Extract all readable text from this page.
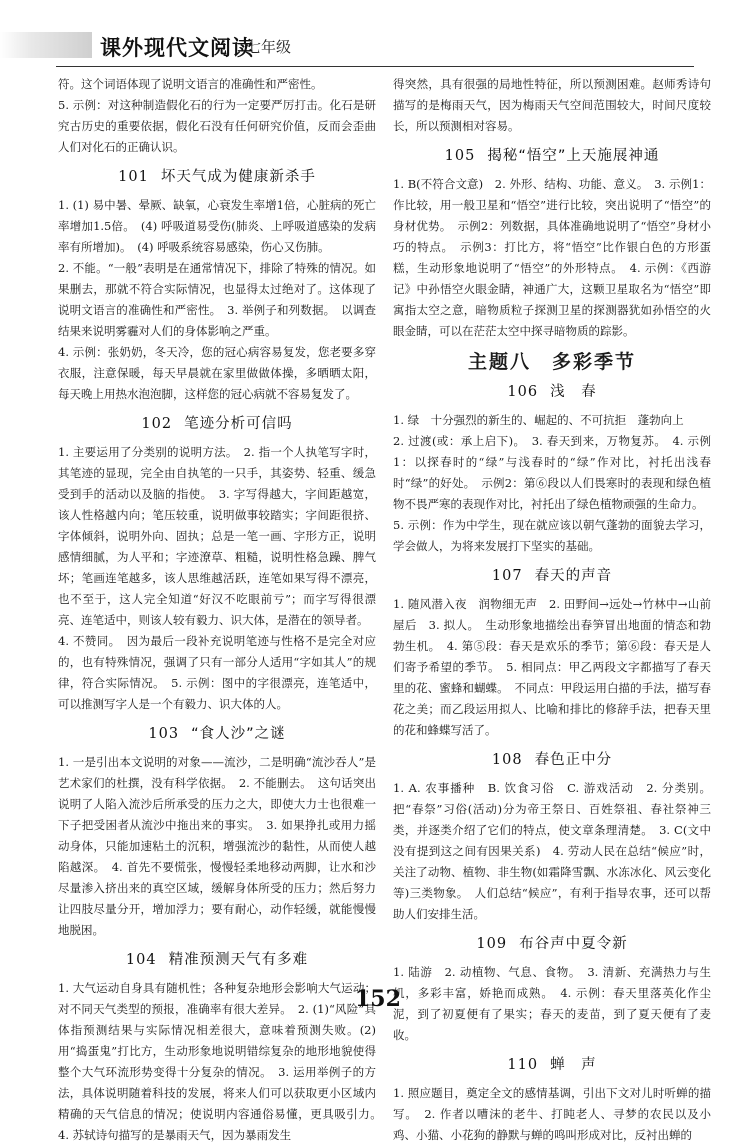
课外现代文阅读
七年级

符。这个词语体现了说明文语言的准确性和严密性。

5. 示例：对这种制造假化石的行为一定要严厉打击。化石是研究古历史的重要依据，假化石没有任何研究价值，反而会歪曲人们对化石的正确认识。

101 坏天气成为健康新杀手

1. (1) 易中暑、晕厥、缺氧，心衰发生率增1倍，心脏病的死亡率增加1.5倍。　(4) 呼吸道易受伤(肺炎、上呼吸道感染的发病率有所增加)。　(4) 呼吸系统容易感染，伤心又伤肺。

2. 不能。“一般”表明是在通常情况下，排除了特殊的情况。如果删去，那就不符合实际情况，也显得太过绝对了。这体现了说明文语言的准确性和严密性。　3. 举例子和列数据。　以调查结果来说明雾霾对人们的身体影响之严重。

4. 示例：张奶奶，冬天冷，您的冠心病容易复发，您老要多穿衣服，注意保暖，每天早晨就在家里做做体操，多晒晒太阳，每天晚上用热水泡泡脚，这样您的冠心病就不容易复发了。

102 笔迹分析可信吗

1. 主要运用了分类别的说明方法。　2. 指一个人执笔写字时，其笔迹的显现，完全由自执笔的一只手，其姿势、轻重、缓急受到手的活动以及脑的指使。　3. 字写得越大，字间距越宽，该人性格越内向；笔压较重，说明做事较踏实；字间距很挤、字体倾斜，说明外向、固执；总是一笔一画、字形方正，说明感情细腻，为人平和；字迹潦草、粗糙，说明性格急躁、脾气坏；笔画连笔越多，该人思维越活跃，连笔如果写得不漂亮，也不至于，这人完全知道“好汉不吃眼前亏”；而字写得很漂亮、连笔适中，则该人较有毅力、识大体，是潜在的领导者。

4. 不赞同。　因为最后一段补充说明笔迹与性格不是完全对应的，也有特殊情况，强调了只有一部分人适用“字如其人”的规律，符合实际情况。　5. 示例：图中的字很漂亮，连笔适中，可以推测写字人是一个有毅力、识大体的人。

103 “食人沙”之谜

1. 一是引出本文说明的对象——流沙，二是明确“流沙吞人”是艺术家们的杜撰，没有科学依据。　2. 不能删去。　这句话突出说明了人陷入流沙后所承受的压力之大，即使大力士也很难一下子把受困者从流沙中拖出来的事实。　3. 如果挣扎或用力摇动身体，只能加速粘土的沉积，增强流沙的黏性，从而使人越陷越深。　4. 首先不要慌张，慢慢轻柔地移动两脚，让水和沙尽量渗入挤出来的真空区域，缓解身体所受的压力；然后努力让四肢尽量分开，增加浮力；要有耐心，动作轻缓，就能慢慢地脱困。

104 精准预测天气有多难

1. 大气运动自身具有随机性；各种复杂地形会影响大气运动；对不同天气类型的预报，准确率有很大差异。　2. (1)“风险”具体指预测结果与实际情况相差很大，意味着预测失败。(2) 用“捣蛋鬼”打比方，生动形象地说明错综复杂的地形地貌使得整个大气环流形势变得十分复杂的情况。　3. 运用举例子的方法，具体说明随着科技的发展，将来人们可以获取更小区域内精确的天气信息的情况；使说明内容通俗易懂，更具吸引力。　4. 苏轼诗句描写的是暴雨天气，因为暴雨发生

得突然，具有很强的局地性特征，所以预测困难。赵师秀诗句描写的是梅雨天气，因为梅雨天气空间范围较大，时间尺度较长，所以预测相对容易。

105 揭秘“悟空”上天施展神通

1. B(不符合文意)　2. 外形、结构、功能、意义。　3. 示例1：作比较，用一般卫星和“悟空”进行比较，突出说明了“悟空”的身材优势。　示例2：列数据，具体准确地说明了“悟空”身材小巧的特点。　示例3：打比方，将“悟空”比作银白色的方形蛋糕，生动形象地说明了“悟空”的外形特点。　4. 示例：《西游记》中孙悟空火眼金睛，神通广大，这颗卫星取名为“悟空”即寓指太空之意，暗物质粒子探测卫星的探测器犹如孙悟空的火眼金睛，可以在茫茫太空中探寻暗物质的踪影。

主题八　多彩季节
106 浅　春

1. 绿　十分强烈的新生的、崛起的、不可抗拒　蓬勃向上

2. 过渡(或：承上启下)。　3. 春天到来，万物复苏。　4. 示例1：以探春时的“绿”与浅春时的“绿”作对比，衬托出浅春时“绿”的好处。　示例2：第⑥段以人们畏寒时的表现和绿色植物不畏严寒的表现作对比，衬托出了绿色植物顽强的生命力。

5. 示例：作为中学生，现在就应该以朝气蓬勃的面貌去学习，学会做人，为将来发展打下坚实的基础。

107 春天的声音

1. 随风潜入夜　润物细无声　2. 田野间→远处→竹林中→山前屋后　3. 拟人。　生动形象地描绘出春笋冒出地面的情态和勃勃生机。　4. 第⑤段：春天是欢乐的季节；第⑥段：春天是人们寄予希望的季节。　5. 相同点：甲乙两段文字都描写了春天里的花、蜜蜂和蝴蝶。　不同点：甲段运用白描的手法，描写春花之美；而乙段运用拟人、比喻和排比的修辞手法，把春天里的花和蜂蝶写活了。

108 春色正中分

1. A. 农事播种　B. 饮食习俗　C. 游戏活动　2. 分类别。把“春祭”习俗(活动)分为帝王祭日、百姓祭祖、春社祭神三类，并逐类介绍了它们的特点，使文章条理清楚。　3. C(文中没有提到这之间有因果关系)　4. 劳动人民在总结“候应”时，关注了动物、植物、非生物(如霜降雪飘、水冻冰化、风云变化等)三类物象。　人们总结“候应”，有利于指导农事，还可以帮助人们安排生活。

109 布谷声中夏令新

1. 陆游　2. 动植物、气息、食物。　3. 清新、充满热力与生机，多彩丰富，娇艳而成熟。　4. 示例：春天里落英化作尘泥，到了初夏便有了果实；春天的麦苗，到了夏天便有了麦收。

110 蝉　声

1. 照应题目，奠定全文的感情基调，引出下文对儿时听蝉的描写。　2. 作者以嘈沫的老牛、打盹老人、寻梦的农民以及小鸡、小猫、小花狗的静默与蝉的鸣叫形成对比，反衬出蝉的

152
